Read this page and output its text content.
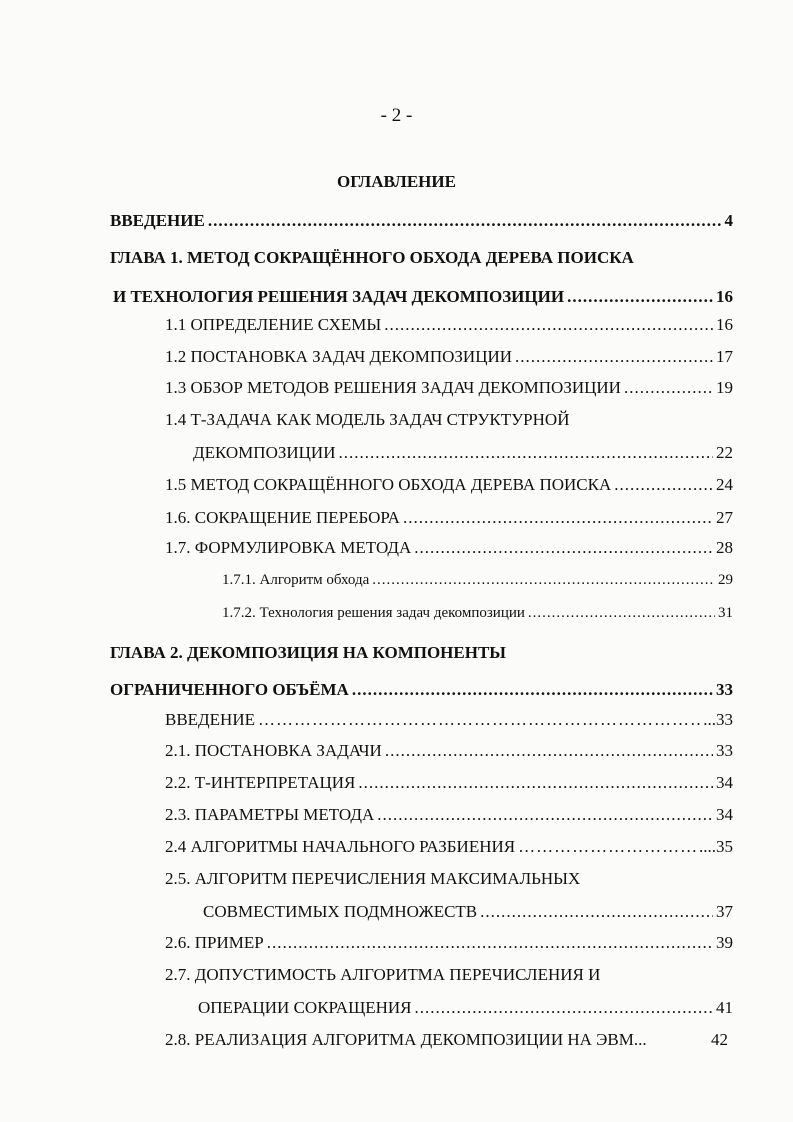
- 2 -
ОГЛАВЛЕНИЕ
ВВЕДЕНИЕ .....	4
ГЛАВА 1. МЕТОД СОКРАЩЁННОГО ОБХОДА ДЕРЕВА ПОИСКА
И ТЕХНОЛОГИЯ РЕШЕНИЯ ЗАДАЧ ДЕКОМПОЗИЦИИ .....	16
1.1 ОПРЕДЕЛЕНИЕ СХЕМЫ .....	16
1.2 ПОСТАНОВКА ЗАДАЧ ДЕКОМПОЗИЦИИ .....	17
1.3 ОБЗОР МЕТОДОВ РЕШЕНИЯ ЗАДАЧ ДЕКОМПОЗИЦИИ .....	19
1.4 Т-ЗАДАЧА КАК МОДЕЛЬ ЗАДАЧ СТРУКТУРНОЙ
ДЕКОМПОЗИЦИИ .....	22
1.5 МЕТОД СОКРАЩЁННОГО ОБХОДА ДЕРЕВА ПОИСКА .....	24
1.6. СОКРАЩЕНИЕ ПЕРЕБОРА .....	27
1.7. ФОРМУЛИРОВКА МЕТОДА .....	28
1.7.1. Алгоритм обхода .....	29
1.7.2. Технология решения задач декомпозиции .....	31
ГЛАВА 2. ДЕКОМПОЗИЦИЯ НА КОМПОНЕНТЫ
ОГРАНИЧЕННОГО ОБЪЁМА .....	33
ВВЕДЕНИЕ …………………………………………………………………………………………………………………………	...33
2.1. ПОСТАНОВКА ЗАДАЧИ .....	33
2.2. Т-ИНТЕРПРЕТАЦИЯ .....	34
2.3. ПАРАМЕТРЫ МЕТОДА .....	34
2.4 АЛГОРИТМЫ НАЧАЛЬНОГО РАЗБИЕНИЯ …………………………………………………………………………………………………………………………	....35
2.5. АЛГОРИТМ ПЕРЕЧИСЛЕНИЯ МАКСИМАЛЬНЫХ
СОВМЕСТИМЫХ ПОДМНОЖЕСТВ .....	37
2.6. ПРИМЕР .....	39
2.7. ДОПУСТИМОСТЬ АЛГОРИТМА ПЕРЕЧИСЛЕНИЯ И
ОПЕРАЦИИ СОКРАЩЕНИЯ .....	41
2.8. РЕАЛИЗАЦИЯ АЛГОРИТМА ДЕКОМПОЗИЦИИ НА ЭВМ...	42
